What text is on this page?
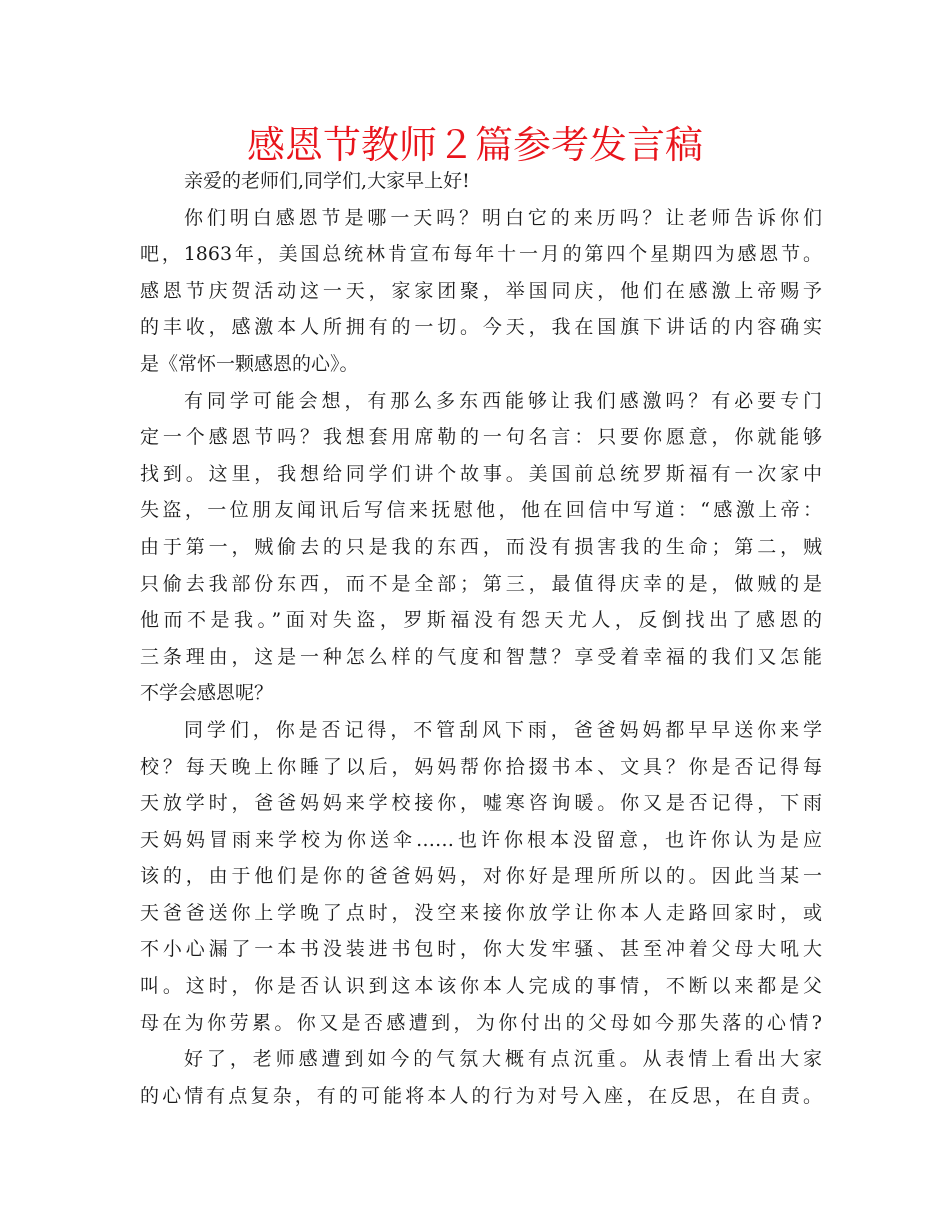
感恩节教师２篇参考发言稿
亲爱的老师们,同学们,大家早上好!
你们明白感恩节是哪一天吗？明白它的来历吗？让老师告诉你们
吧，1863年，美国总统林肯宣布每年十一月的第四个星期四为感恩节。
感恩节庆贺活动这一天，家家团聚，举国同庆，他们在感激上帝赐予
的丰收，感激本人所拥有的一切。今天，我在国旗下讲话的内容确实
是《常怀一颗感恩的心》。
有同学可能会想，有那么多东西能够让我们感激吗？有必要专门
定一个感恩节吗？我想套用席勒的一句名言：只要你愿意，你就能够
找到。这里，我想给同学们讲个故事。美国前总统罗斯福有一次家中
失盗，一位朋友闻讯后写信来抚慰他，他在回信中写道：“感激上帝：
由于第一，贼偷去的只是我的东西，而没有损害我的生命；第二，贼
只偷去我部份东西，而不是全部；第三，最值得庆幸的是，做贼的是
他而不是我。”面对失盗，罗斯福没有怨天尤人，反倒找出了感恩的
三条理由，这是一种怎么样的气度和智慧？享受着幸福的我们又怎能
不学会感恩呢？
同学们，你是否记得，不管刮风下雨，爸爸妈妈都早早送你来学
校？每天晚上你睡了以后，妈妈帮你拾掇书本、文具？你是否记得每
天放学时，爸爸妈妈来学校接你，嘘寒咨询暖。你又是否记得，下雨
天妈妈冒雨来学校为你送伞……也许你根本没留意，也许你认为是应
该的，由于他们是你的爸爸妈妈，对你好是理所所以的。因此当某一
天爸爸送你上学晚了点时，没空来接你放学让你本人走路回家时，或
不小心漏了一本书没装进书包时，你大发牢骚、甚至冲着父母大吼大
叫。这时，你是否认识到这本该你本人完成的事情，不断以来都是父
母在为你劳累。你又是否感遭到，为你付出的父母如今那失落的心情?
好了，老师感遭到如今的气氛大概有点沉重。从表情上看出大家
的心情有点复杂，有的可能将本人的行为对号入座，在反思，在自责。
